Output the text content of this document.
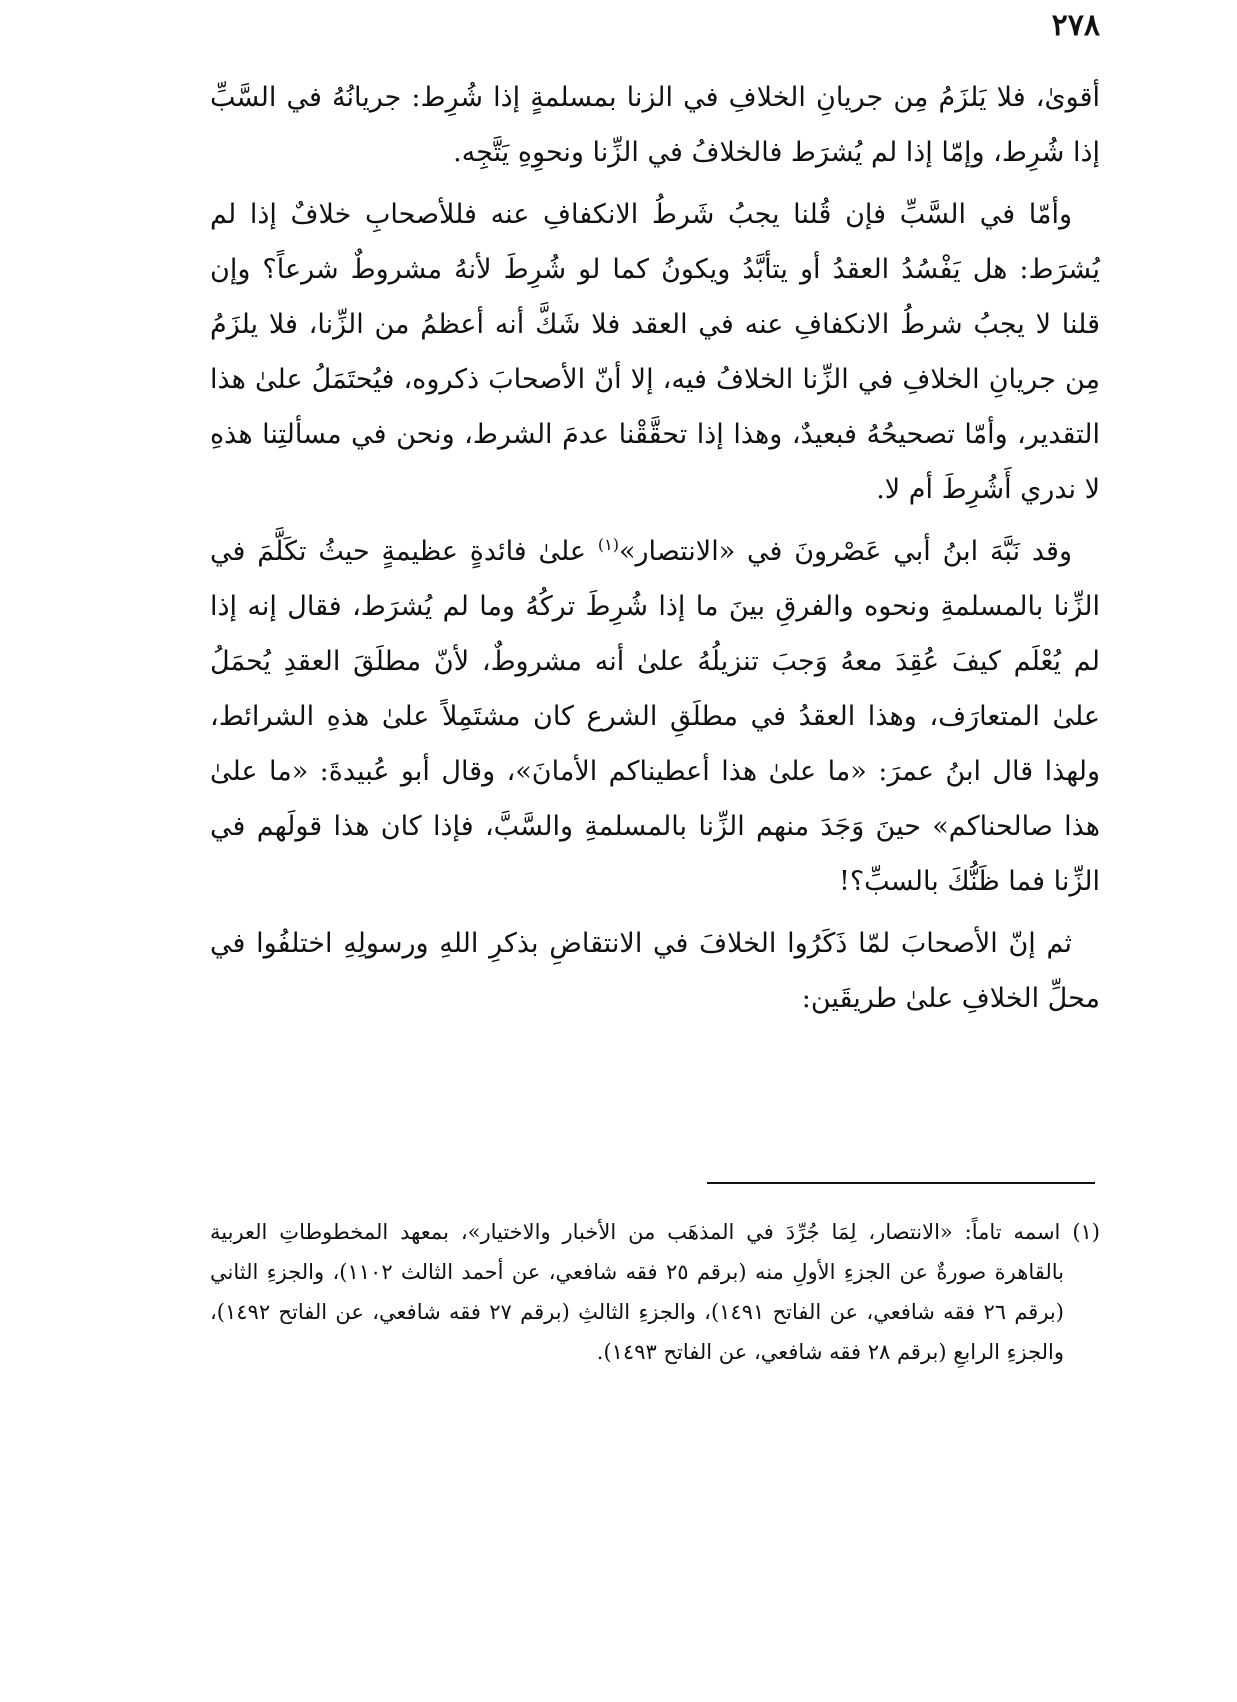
٢٧٨

أقوىٰ، فلا يَلزَمُ مِن جريانِ الخلافِ في الزنا بمسلمةٍ إذا شُرِط: جريانُهُ في السَّبِّ إذا شُرِط، وإمّا إذا لم يُشرَط فالخلافُ في الزِّنا ونحوِهِ يَتَّجِه.

وأمّا في السَّبِّ فإن قُلنا يجبُ شَرطُ الانكفافِ عنه فللأصحابِ خلافٌ إذا لم يُشرَط: هل يَفْسُدُ العقدُ أو يتأبَّدُ ويكونُ كما لو شُرِطَ لأنهُ مشروطٌ شرعاً؟ وإن قلنا لا يجبُ شرطُ الانكفافِ عنه في العقد فلا شَكَّ أنه أعظمُ من الزِّنا، فلا يلزَمُ مِن جريانِ الخلافِ في الزِّنا الخلافُ فيه، إلا أنّ الأصحابَ ذكروه، فيُحتَمَلُ علىٰ هذا التقدير، وأمّا تصحيحُهُ فبعيدٌ، وهذا إذا تحقَّقْنا عدمَ الشرط، ونحن في مسألتِنا هذهِ لا ندري أَشُرِطَ أم لا.

وقد نَبَّهَ ابنُ أبي عَصْرونَ في «الانتصار»$^{(١)}$ علىٰ فائدةٍ عظيمةٍ حيثُ تكَلَّمَ في الزِّنا بالمسلمةِ ونحوه والفرقِ بينَ ما إذا شُرِطَ تركُهُ وما لم يُشرَط، فقال إنه إذا لم يُعْلَم كيفَ عُقِدَ معهُ وَجبَ تنزيلُهُ علىٰ أنه مشروطٌ، لأنّ مطلَقَ العقدِ يُحمَلُ علىٰ المتعارَف، وهذا العقدُ في مطلَقِ الشرع كان مشتَمِلاً علىٰ هذهِ الشرائط، ولهذا قال ابنُ عمرَ: «ما علىٰ هذا أعطيناكم الأمانَ»، وقال أبو عُبيدةَ: «ما علىٰ هذا صالحناكم» حينَ وَجَدَ منهم الزِّنا بالمسلمةِ والسَّبَّ، فإذا كان هذا قولَهم في الزِّنا فما ظَنُّكَ بالسبِّ؟!

ثم إنّ الأصحابَ لمّا ذَكَرُوا الخلافَ في الانتقاضِ بذكرِ اللهِ ورسولِهِ اختلفُوا في محلِّ الخلافِ علىٰ طريقَين:

(١) اسمه تاماً: «الانتصار، لِمَا جُرِّدَ في المذهَب من الأخبار والاختيار»، بمعهد المخطوطاتِ العربية بالقاهرة صورةٌ عن الجزءِ الأولِ منه (برقم ٢٥ فقه شافعي، عن أحمد الثالث ١١٠٢)، والجزءِ الثاني (برقم ٢٦ فقه شافعي، عن الفاتح ١٤٩١)، والجزءِ الثالثِ (برقم ٢٧ فقه شافعي، عن الفاتح ١٤٩٢)، والجزءِ الرابعِ (برقم ٢٨ فقه شافعي، عن الفاتح ١٤٩٣).
